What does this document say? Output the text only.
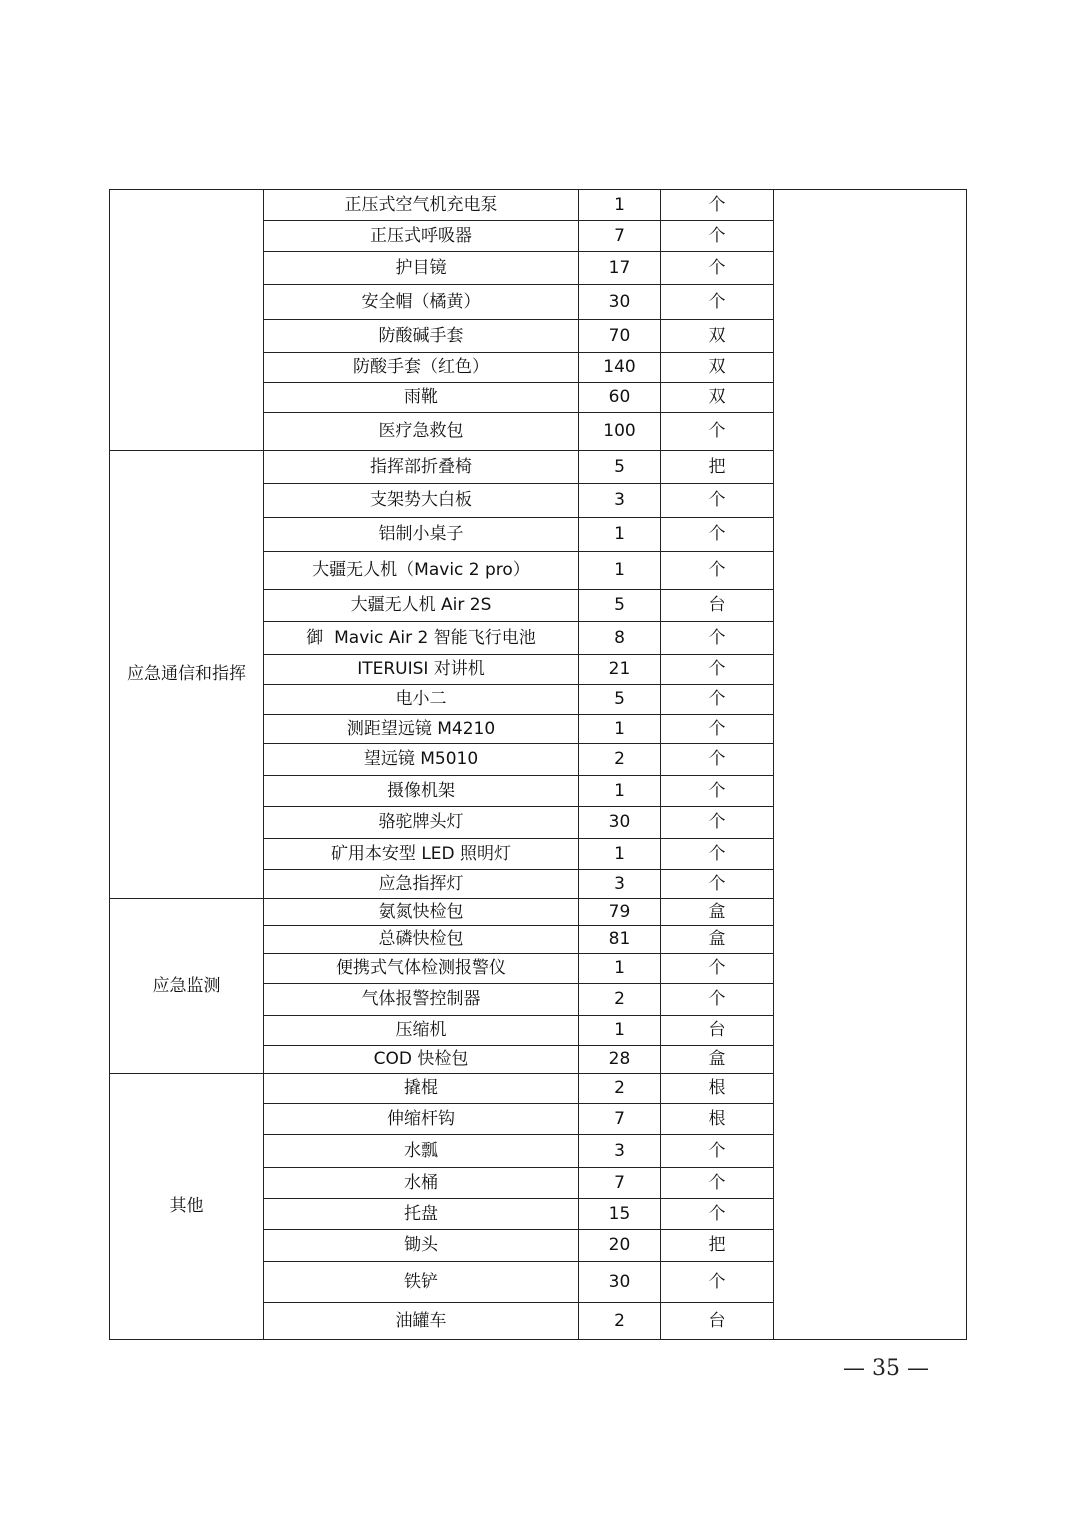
	正压式空气机充电泵	1	个	
	正压式呼吸器	7	个	
	护目镜	17	个	
	安全帽（橘黄）	30	个	
	防酸碱手套	70	双	
	防酸手套（红色）	140	双	
	雨靴	60	双	
	医疗急救包	100	个	
应急通信和指挥	指挥部折叠椅	5	把	
	支架势大白板	3	个	
	铝制小桌子	1	个	
	大疆无人机（Mavic 2 pro）	1	个	
	大疆无人机 Air 2S	5	台	
	御  Mavic Air 2 智能飞行电池	8	个	
	ITERUISI 对讲机	21	个	
	电小二	5	个	
	测距望远镜 M4210	1	个	
	望远镜 M5010	2	个	
	摄像机架	1	个	
	骆驼牌头灯	30	个	
	矿用本安型 LED 照明灯	1	个	
	应急指挥灯	3	个	
应急监测	氨氮快检包	79	盒	
	总磷快检包	81	盒	
	便携式气体检测报警仪	1	个	
	气体报警控制器	2	个	
	压缩机	1	台	
	COD 快检包	28	盒	
其他	撬棍	2	根	
	伸缩杆钩	7	根	
	水瓢	3	个	
	水桶	7	个	
	托盘	15	个	
	锄头	20	把	
	铁铲	30	个	
	油罐车	2	台	
— 35 —
